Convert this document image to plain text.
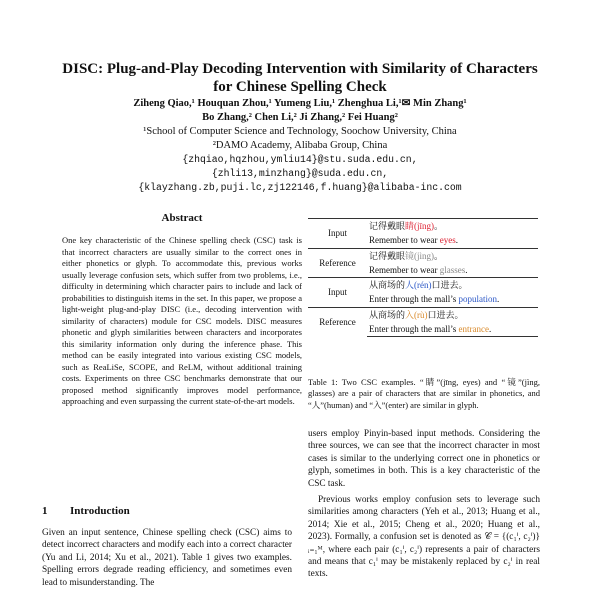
DISC: Plug-and-Play Decoding Intervention with Similarity of Characters
for Chinese Spelling Check
Ziheng Qiao,¹ Houquan Zhou,¹ Yumeng Liu,¹ Zhenghua Li,¹✉ Min Zhang¹
Bo Zhang,² Chen Li,² Ji Zhang,² Fei Huang²
¹School of Computer Science and Technology, Soochow University, China
²DAMO Academy, Alibaba Group, China
{zhqiao,hqzhou,ymliu14}@stu.suda.edu.cn,
{zhli13,minzhang}@suda.edu.cn,
{klayzhang.zb,puji.lc,zj122146,f.huang}@alibaba-inc.com
Abstract

One key characteristic of the Chinese spelling check (CSC) task is that incorrect characters are usually similar to the correct ones in either phonetics or glyph. To accommodate this, previous works usually leverage confusion sets, which suffer from two problems, i.e., difficulty in determining which character pairs to include and lack of probabilities to distinguish items in the set. In this paper, we propose a light-weight plug-and-play DISC (i.e., decoding intervention with similarity of characters) module for CSC models. DISC measures phonetic and glyph similarities between characters and incorporates this similarity information only during the inference phase. This method can be easily integrated into various existing CSC models, such as ReaLiSe, SCOPE, and ReLM, without additional training costs. Experiments on three CSC benchmarks demonstrate that our proposed method significantly improves model performance, approaching and even surpassing the current state-of-the-art models.

1 Introduction

Given an input sentence, Chinese spelling check (CSC) aims to detect incorrect characters and modify each into a correct character (Yu and Li, 2014; Xu et al., 2021). Table 1 gives two examples. Spelling errors degrade reading efficiency, and sometimes even lead to misunderstanding. The

Input	记得戴眼睛(jīng)。
	Remember to wear eyes.
Reference	记得戴眼镜(jìng)。
	Remember to wear glasses.
Input	从商场的人(rén)口进去。
	Enter through the mall’s population.
Reference	从商场的入(rù)口进去。
	Enter through the mall’s entrance.

Table 1: Two CSC examples. “睛”(jīng, eyes) and “镜”(jìng, glasses) are a pair of characters that are similar in phonetics, and “人”(human) and “入”(enter) are similar in glyph.

users employ Pinyin-based input methods. Considering the three sources, we can see that the incorrect character in most cases is similar to the underlying correct one in phonetics or glyph, sometimes in both. This is a key characteristic of the CSC task.

Previous works employ confusion sets to leverage such similarities among characters (Yeh et al., 2013; Huang et al., 2014; Xie et al., 2015; Cheng et al., 2020; Huang et al., 2023). Formally, a confusion set is denoted as 𝒞 = {(c₁ⁱ, c₂ⁱ)}ᵢ₌₁ᴹ, where each pair (c₁ⁱ, c₂ⁱ) represents a pair of characters and means that c₁ⁱ may be mistakenly replaced by c₂ⁱ in real texts.
